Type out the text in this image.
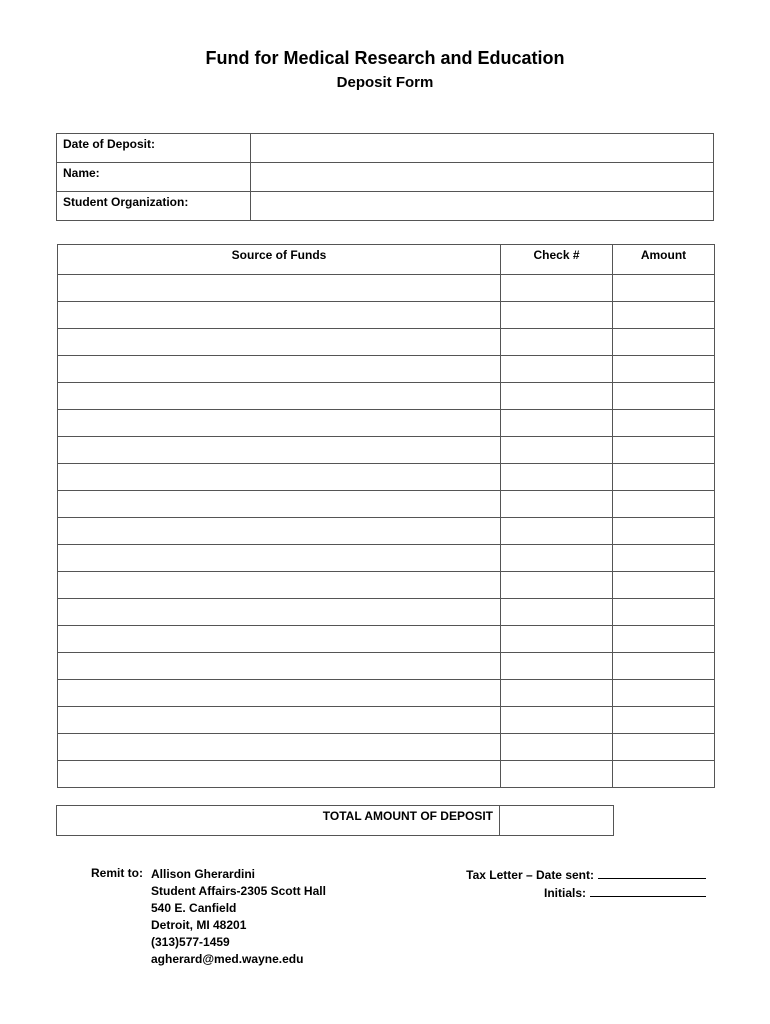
Fund for Medical Research and Education
Deposit Form
Date of Deposit:	
Name:	
Student Organization:	
Source of Funds	Check #	Amount

TOTAL AMOUNT OF DEPOSIT	
Remit to: Allison Gherardini
Student Affairs-2305 Scott Hall
540 E. Canfield
Detroit, MI 48201
(313)577-1459
agherard@med.wayne.edu
Tax Letter – Date sent:
Initials:
